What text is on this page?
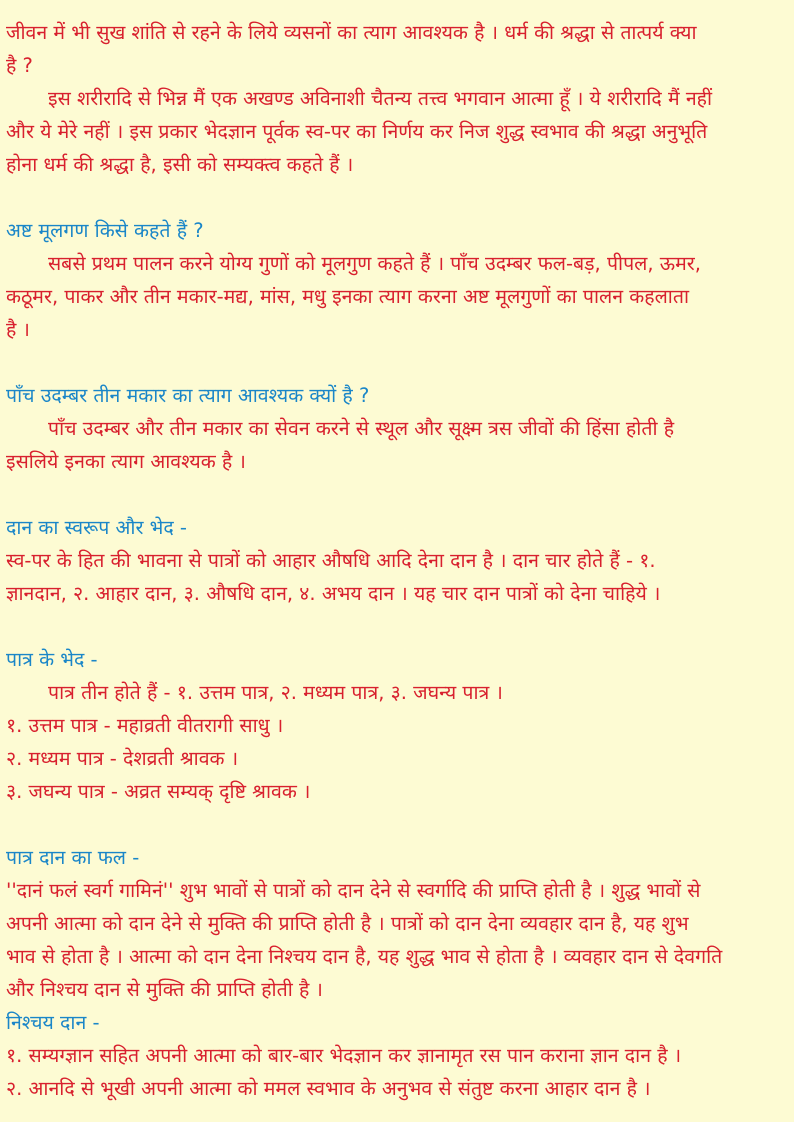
जीवन में भी सुख शांति से रहने के लिये व्यसनों का त्याग आवश्यक है । धर्म की श्रद्धा से तात्पर्य क्या
है ?
इस शरीरादि से भिन्न मैं एक अखण्ड अविनाशी चैतन्य तत्त्व भगवान आत्मा हूँ । ये शरीरादि मैं नहीं
और ये मेरे नहीं । इस प्रकार भेदज्ञान पूर्वक स्व-पर का निर्णय कर निज शुद्ध स्वभाव की श्रद्धा अनुभूति
होना धर्म की श्रद्धा है, इसी को सम्यक्त्व कहते हैं ।
अष्ट मूलगण किसे कहते हैं ?
सबसे प्रथम पालन करने योग्य गुणों को मूलगुण कहते हैं । पाँच उदम्बर फल-बड़, पीपल, ऊमर,
कठूमर, पाकर और तीन मकार-मद्य, मांस, मधु इनका त्याग करना अष्ट मूलगुणों का पालन कहलाता
है ।
पाँच उदम्बर तीन मकार का त्याग आवश्यक क्यों है ?
पाँच उदम्बर और तीन मकार का सेवन करने से स्थूल और सूक्ष्म त्रस जीवों की हिंसा होती है
इसलिये इनका त्याग आवश्यक है ।
दान का स्वरूप और भेद -
स्व-पर के हित की भावना से पात्रों को आहार औषधि आदि देना दान है । दान चार होते हैं - १.
ज्ञानदान, २. आहार दान, ३. औषधि दान, ४. अभय दान । यह चार दान पात्रों को देना चाहिये ।
पात्र के भेद -
पात्र तीन होते हैं - १. उत्तम पात्र, २. मध्यम पात्र, ३. जघन्य पात्र ।
१. उत्तम पात्र - महाव्रती वीतरागी साधु ।
२. मध्यम पात्र - देशव्रती श्रावक ।
३. जघन्य पात्र - अव्रत सम्यक् दृष्टि श्रावक ।
पात्र दान का फल -
''दानं फलं स्वर्ग गामिनं'' शुभ भावों से पात्रों को दान देने से स्वर्गादि की प्राप्ति होती है । शुद्ध भावों से
अपनी आत्मा को दान देने से मुक्ति की प्राप्ति होती है । पात्रों को दान देना व्यवहार दान है, यह शुभ
भाव से होता है । आत्मा को दान देना निश्चय दान है, यह शुद्ध भाव से होता है । व्यवहार दान से देवगति
और निश्चय दान से मुक्ति की प्राप्ति होती है ।
निश्चय दान -
१. सम्यग्ज्ञान सहित अपनी आत्मा को बार-बार भेदज्ञान कर ज्ञानामृत रस पान कराना ज्ञान दान है ।
२. आनदि से भूखी अपनी आत्मा को ममल स्वभाव के अनुभव से संतुष्ट करना आहार दान है ।
